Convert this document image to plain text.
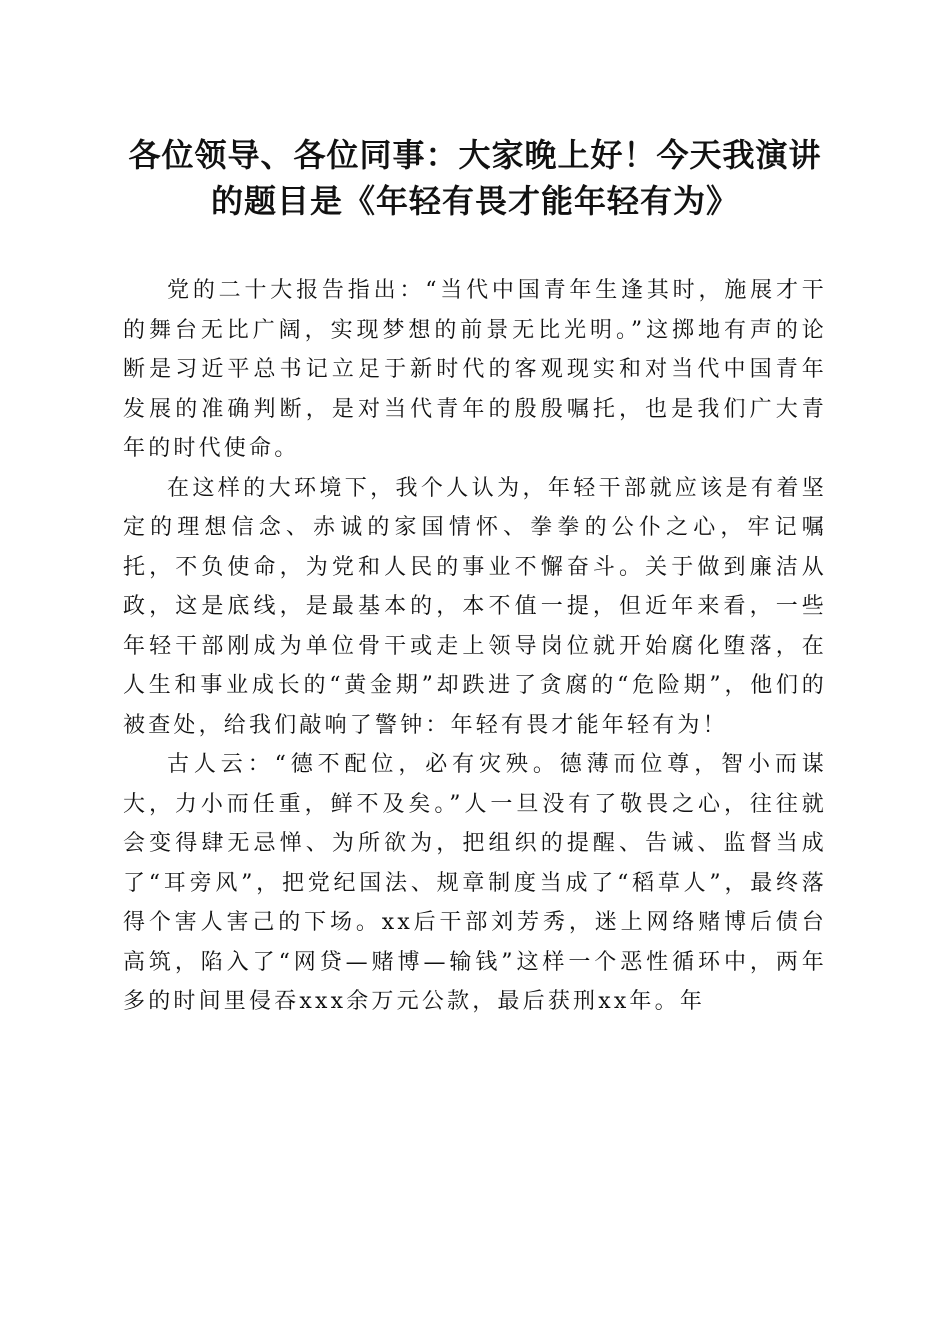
各位领导、各位同事：大家晚上好！今天我演讲的题目是《年轻有畏才能年轻有为》

党的二十大报告指出：“当代中国青年生逢其时，施展才干的舞台无比广阔，实现梦想的前景无比光明。”这掷地有声的论断是习近平总书记立足于新时代的客观现实和对当代中国青年发展的准确判断，是对当代青年的殷殷嘱托，也是我们广大青年的时代使命。

在这样的大环境下，我个人认为，年轻干部就应该是有着坚定的理想信念、赤诚的家国情怀、拳拳的公仆之心，牢记嘱托，不负使命，为党和人民的事业不懈奋斗。关于做到廉洁从政，这是底线，是最基本的，本不值一提，但近年来看，一些年轻干部刚成为单位骨干或走上领导岗位就开始腐化堕落，在人生和事业成长的“黄金期”却跌进了贪腐的“危险期”，他们的被查处，给我们敲响了警钟：年轻有畏才能年轻有为！

古人云：“德不配位，必有灾殃。德薄而位尊，智小而谋大，力小而任重，鲜不及矣。”人一旦没有了敬畏之心，往往就会变得肆无忌惮、为所欲为，把组织的提醒、告诫、监督当成了“耳旁风”，把党纪国法、规章制度当成了“稻草人”，最终落得个害人害己的下场。xx后干部刘芳秀，迷上网络赌博后债台高筑，陷入了“网贷—赌博—输钱”这样一个恶性循环中，两年多的时间里侵吞xxx余万元公款，最后获刑xx年。年
